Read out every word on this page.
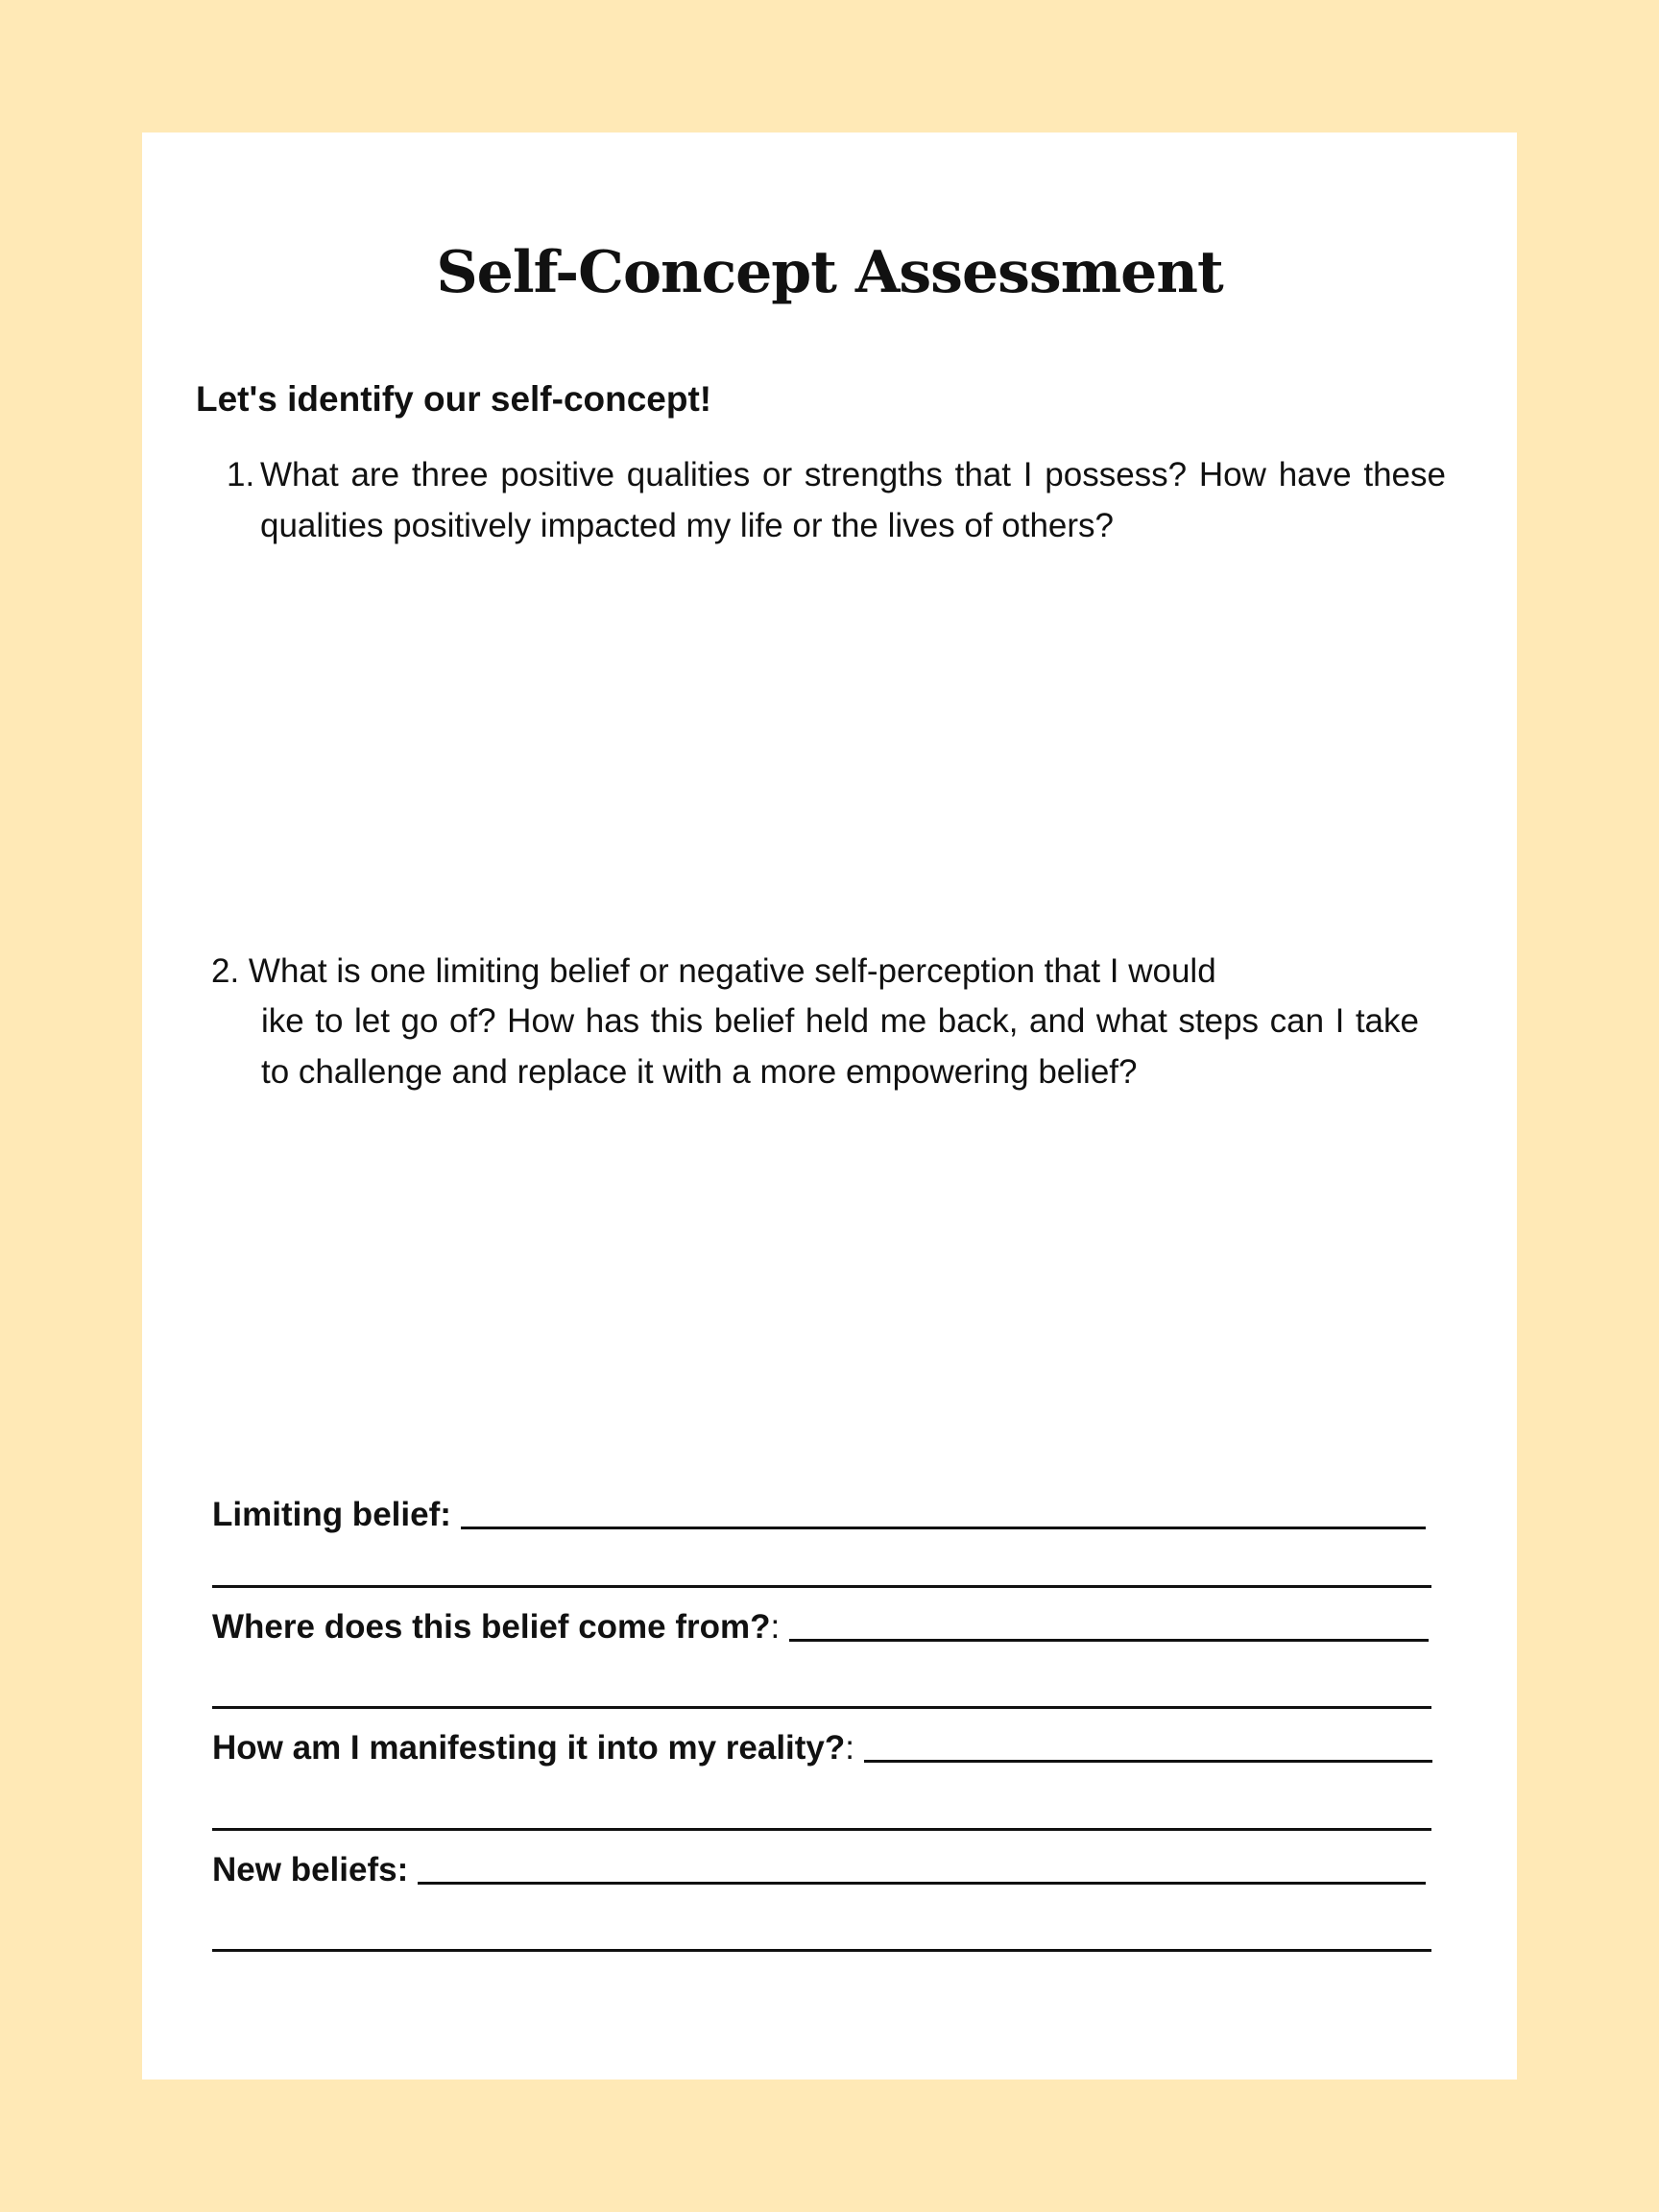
Self-Concept Assessment
Let's identify our self-concept!
1. What are three positive qualities or strengths that I possess? How have these qualities positively impacted my life or the lives of others?
2. What is one limiting belief or negative self-perception that I would
ike to let go of? How has this belief held me back, and what steps can I take to challenge and replace it with a more empowering belief?
Limiting belief:
Where does this belief come from? :
How am I manifesting it into my reality? :
New beliefs:
